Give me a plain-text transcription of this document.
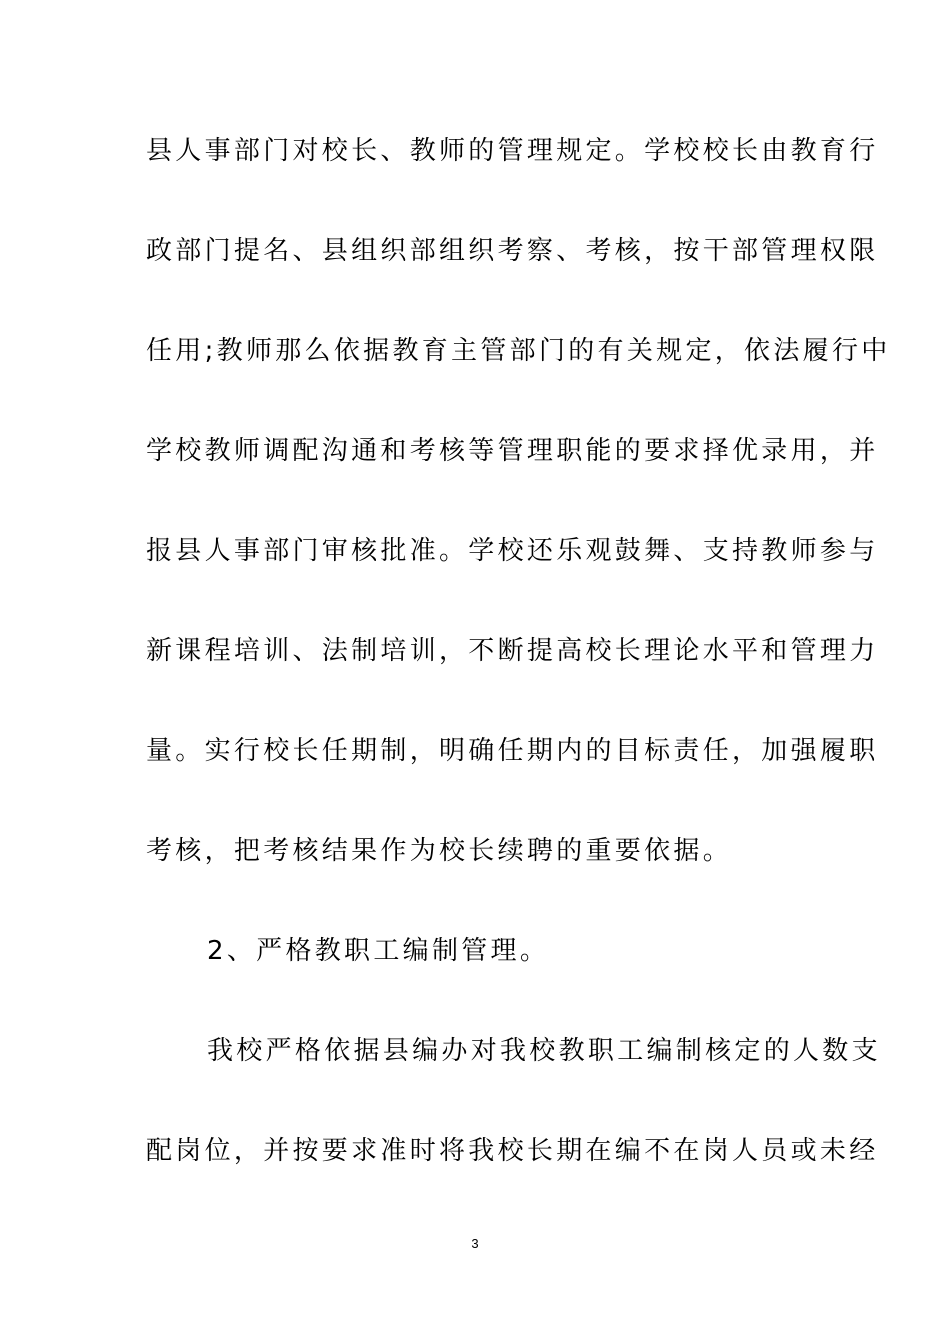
县人事部门对校长、教师的管理规定。学校校长由教育行
政部门提名、县组织部组织考察、考核，按干部管理权限
任用;教师那么依据教育主管部门的有关规定，依法履行中
学校教师调配沟通和考核等管理职能的要求择优录用，并
报县人事部门审核批准。学校还乐观鼓舞、支持教师参与
新课程培训、法制培训，不断提高校长理论水平和管理力
量。实行校长任期制，明确任期内的目标责任，加强履职
考核，把考核结果作为校长续聘的重要依据。
2、严格教职工编制管理。
我校严格依据县编办对我校教职工编制核定的人数支
配岗位，并按要求准时将我校长期在编不在岗人员或未经
3
